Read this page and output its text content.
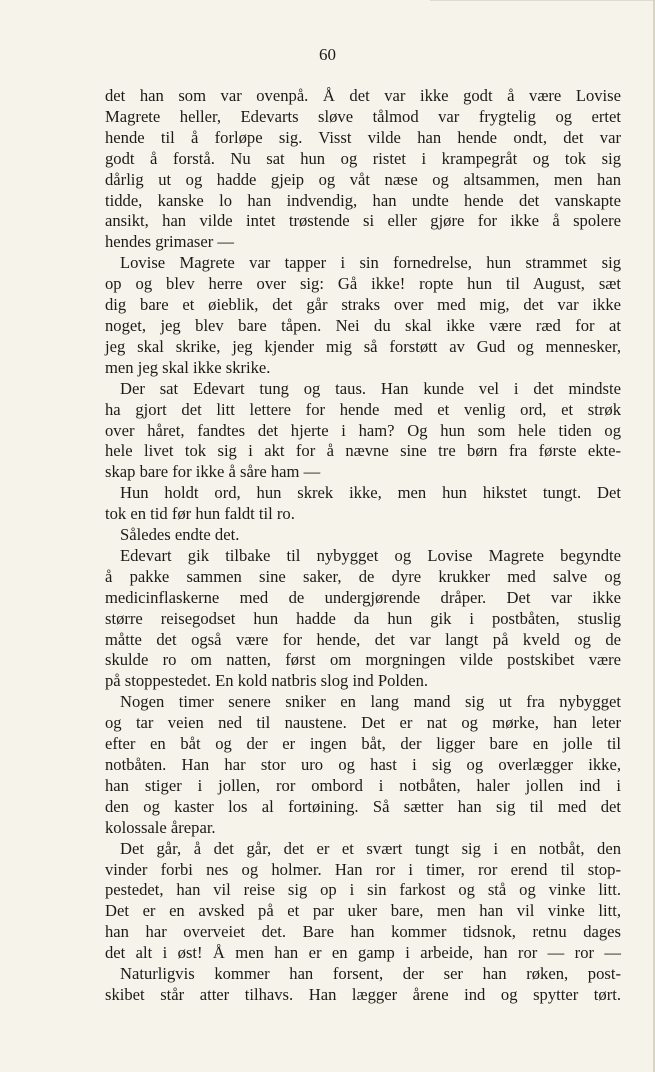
60
det han som var ovenpå. Å det var ikke godt å være Lovise
Magrete heller, Edevarts sløve tålmod var frygtelig og ertet
hende til å forløpe sig. Visst vilde han hende ondt, det var
godt å forstå. Nu sat hun og ristet i krampegråt og tok sig
dårlig ut og hadde gjeip og våt næse og altsammen, men han
tidde, kanske lo han indvendig, han undte hende det vanskapte
ansikt, han vilde intet trøstende si eller gjøre for ikke å spolere
hendes grimaser —
Lovise Magrete var tapper i sin fornedrelse, hun strammet sig
op og blev herre over sig: Gå ikke! ropte hun til August, sæt
dig bare et øieblik, det går straks over med mig, det var ikke
noget, jeg blev bare tåpen. Nei du skal ikke være ræd for at
jeg skal skrike, jeg kjender mig så forstøtt av Gud og mennesker,
men jeg skal ikke skrike.
Der sat Edevart tung og taus. Han kunde vel i det mindste
ha gjort det litt lettere for hende med et venlig ord, et strøk
over håret, fandtes det hjerte i ham? Og hun som hele tiden og
hele livet tok sig i akt for å nævne sine tre børn fra første ekte-
skap bare for ikke å såre ham —
Hun holdt ord, hun skrek ikke, men hun hikstet tungt. Det
tok en tid før hun faldt til ro.
Således endte det.
Edevart gik tilbake til nybygget og Lovise Magrete begyndte
å pakke sammen sine saker, de dyre krukker med salve og
medicinflaskerne med de undergjørende dråper. Det var ikke
større reisegodset hun hadde da hun gik i postbåten, stuslig
måtte det også være for hende, det var langt på kveld og de
skulde ro om natten, først om morgningen vilde postskibet være
på stoppestedet. En kold natbris slog ind Polden.
Nogen timer senere sniker en lang mand sig ut fra nybygget
og tar veien ned til naustene. Det er nat og mørke, han leter
efter en båt og der er ingen båt, der ligger bare en jolle til
notbåten. Han har stor uro og hast i sig og overlægger ikke,
han stiger i jollen, ror ombord i notbåten, haler jollen ind i
den og kaster los al fortøining. Så sætter han sig til med det
kolossale årepar.
Det går, å det går, det er et svært tungt sig i en notbåt, den
vinder forbi nes og holmer. Han ror i timer, ror erend til stop-
pestedet, han vil reise sig op i sin farkost og stå og vinke litt.
Det er en avsked på et par uker bare, men han vil vinke litt,
han har overveiet det. Bare han kommer tidsnok, retnu dages
det alt i øst! Å men han er en gamp i arbeide, han ror — ror —
Naturligvis kommer han forsent, der ser han røken, post-
skibet står atter tilhavs. Han lægger årene ind og spytter tørt.
